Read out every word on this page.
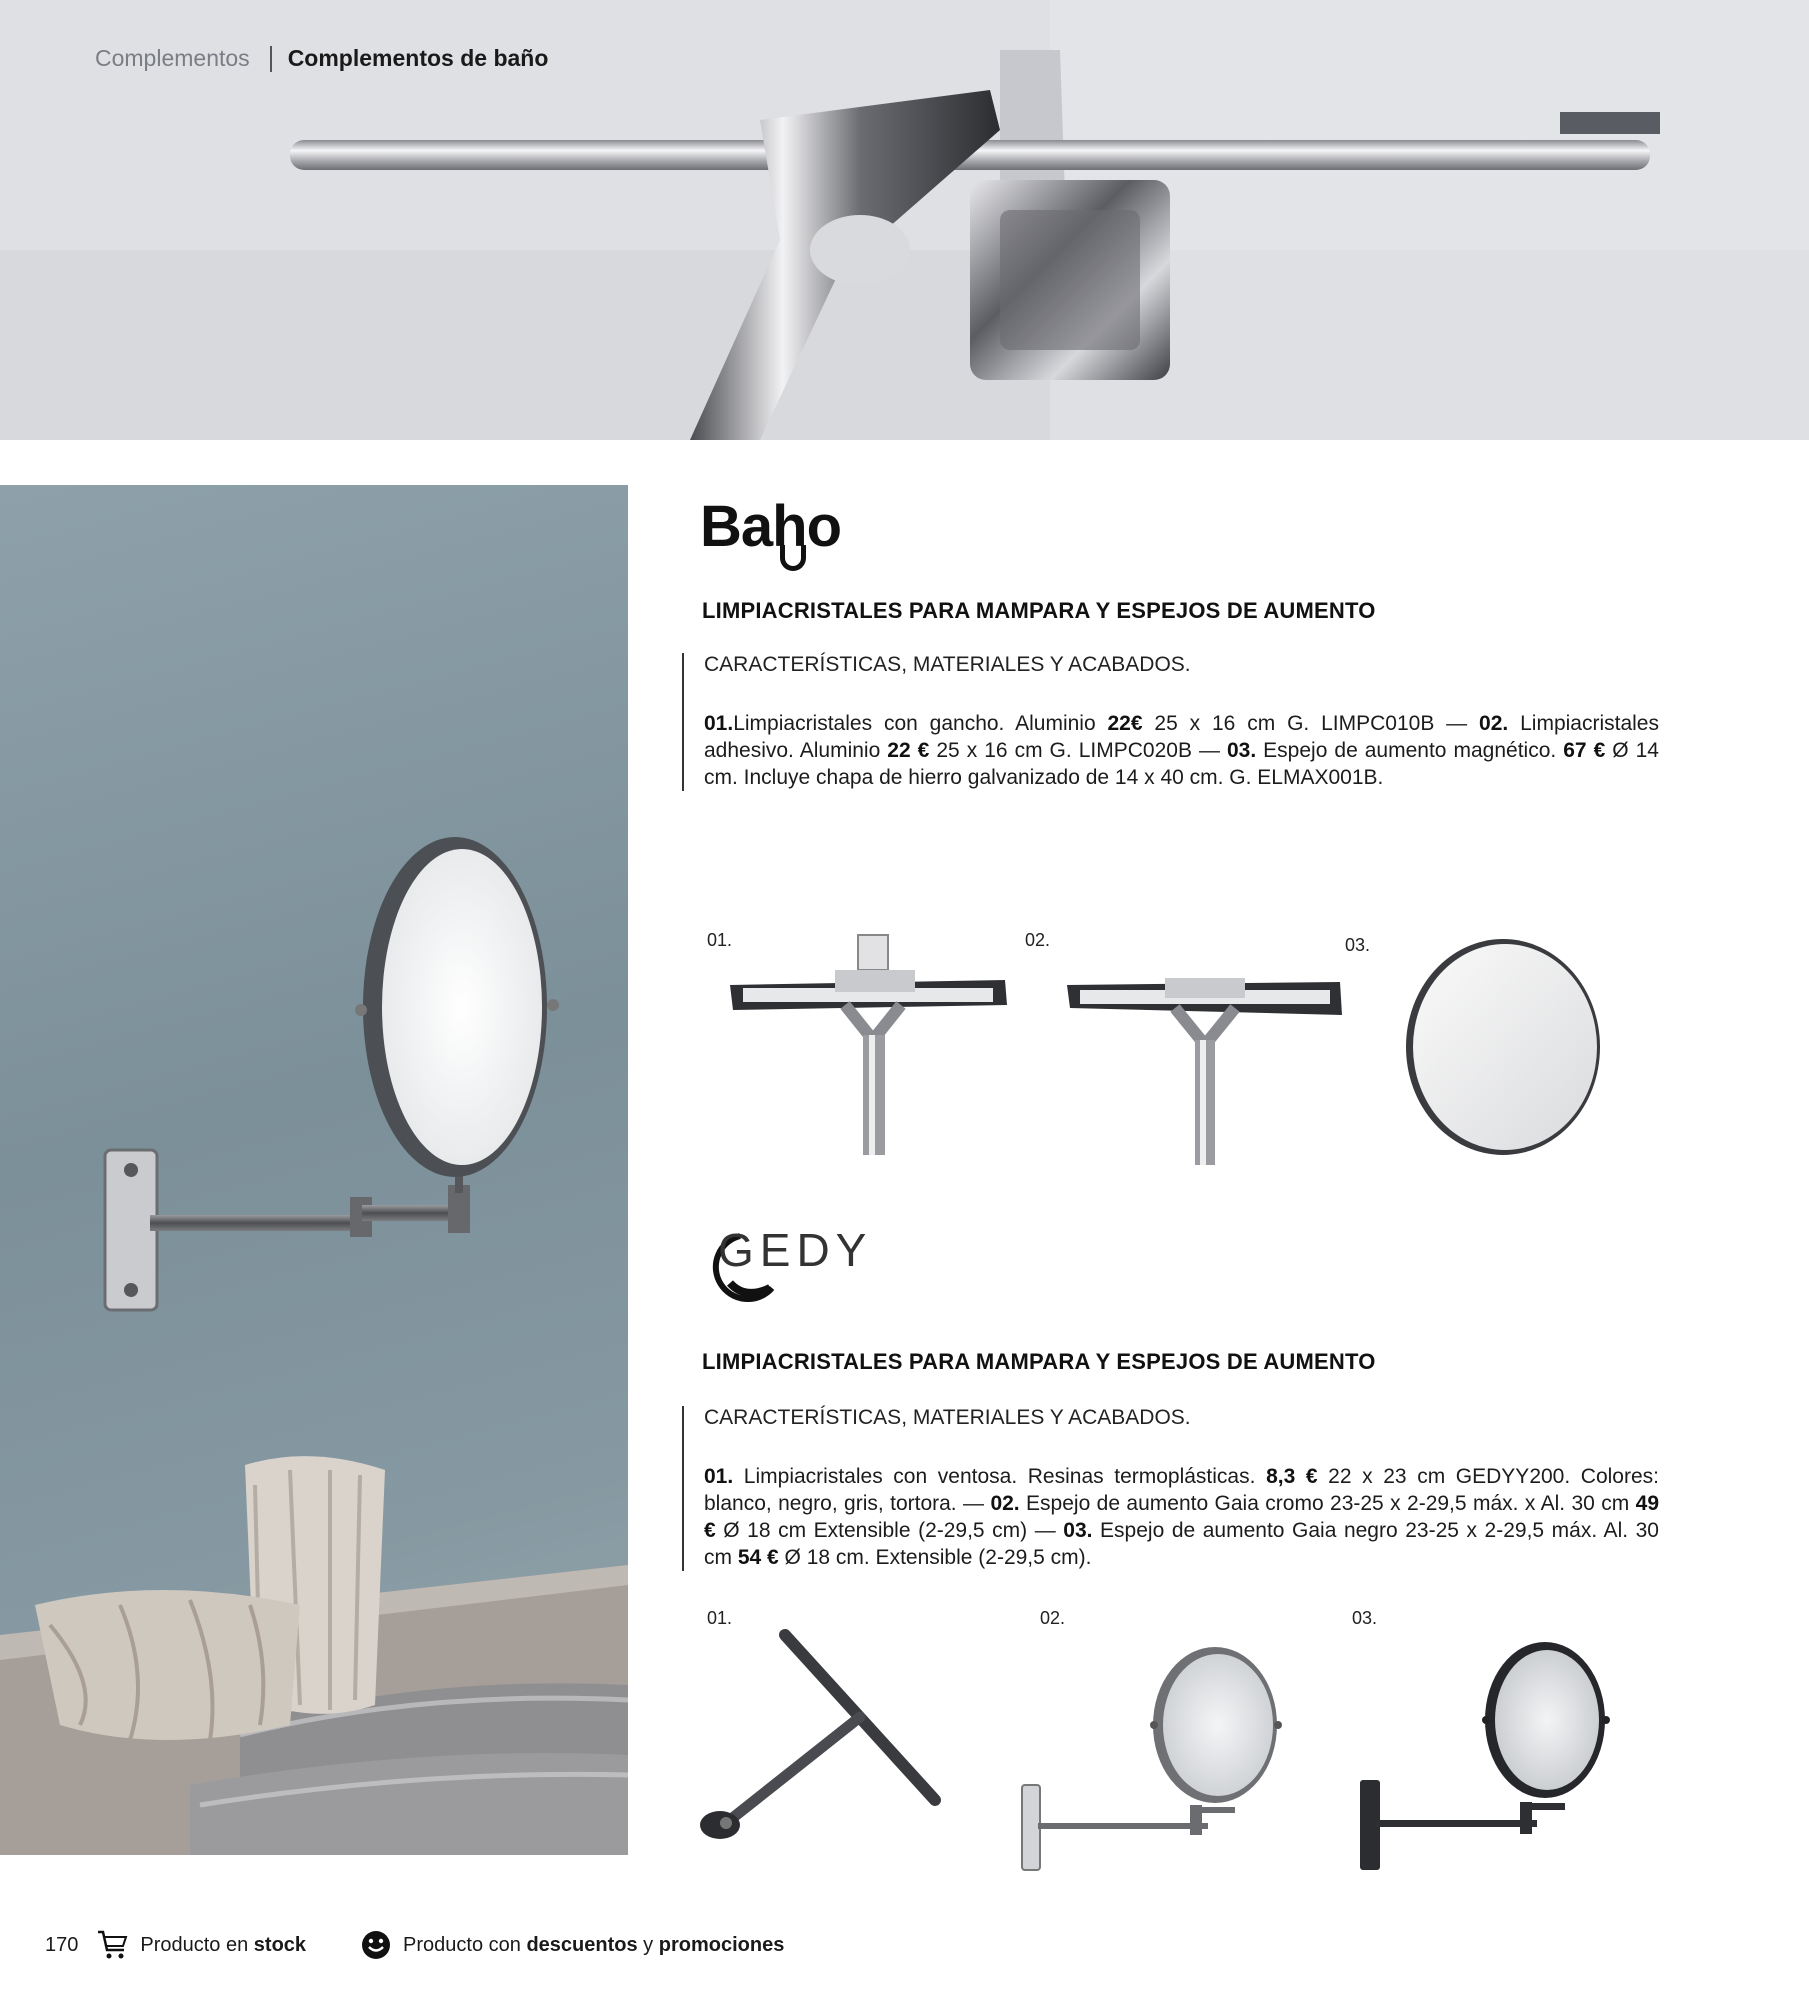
Complementos Complementos de baño
Baho
LIMPIACRISTALES PARA MAMPARA Y ESPEJOS DE AUMENTO
CARACTERÍSTICAS, MATERIALES Y ACABADOS.
01.Limpiacristales con gancho. Aluminio 22€ 25 x 16 cm G. LIMPC010B — 02. Limpiacristales adhesivo. Aluminio 22 € 25 x 16 cm G. LIMPC020B — 03. Espejo de aumento magnético. 67 € Ø 14 cm. Incluye chapa de hierro galvanizado de 14 x 40 cm. G. ELMAX001B.
01.	02.	03.
GEDY
LIMPIACRISTALES PARA MAMPARA Y ESPEJOS DE AUMENTO
CARACTERÍSTICAS, MATERIALES Y ACABADOS.
01. Limpiacristales con ventosa. Resinas termoplásticas. 8,3 € 22 x 23 cm GEDYY200. Colores: blanco, negro, gris, tortora. — 02. Espejo de aumento Gaia cromo 23-25 x 2-29,5 máx. x Al. 30 cm 49 € Ø 18 cm Extensible (2-29,5 cm) — 03. Espejo de aumento Gaia negro 23-25 x 2-29,5 máx. Al. 30 cm 54 € Ø 18 cm. Extensible (2-29,5 cm).
01.	02.	03.
170	Producto en stock	Producto con descuentos y promociones
